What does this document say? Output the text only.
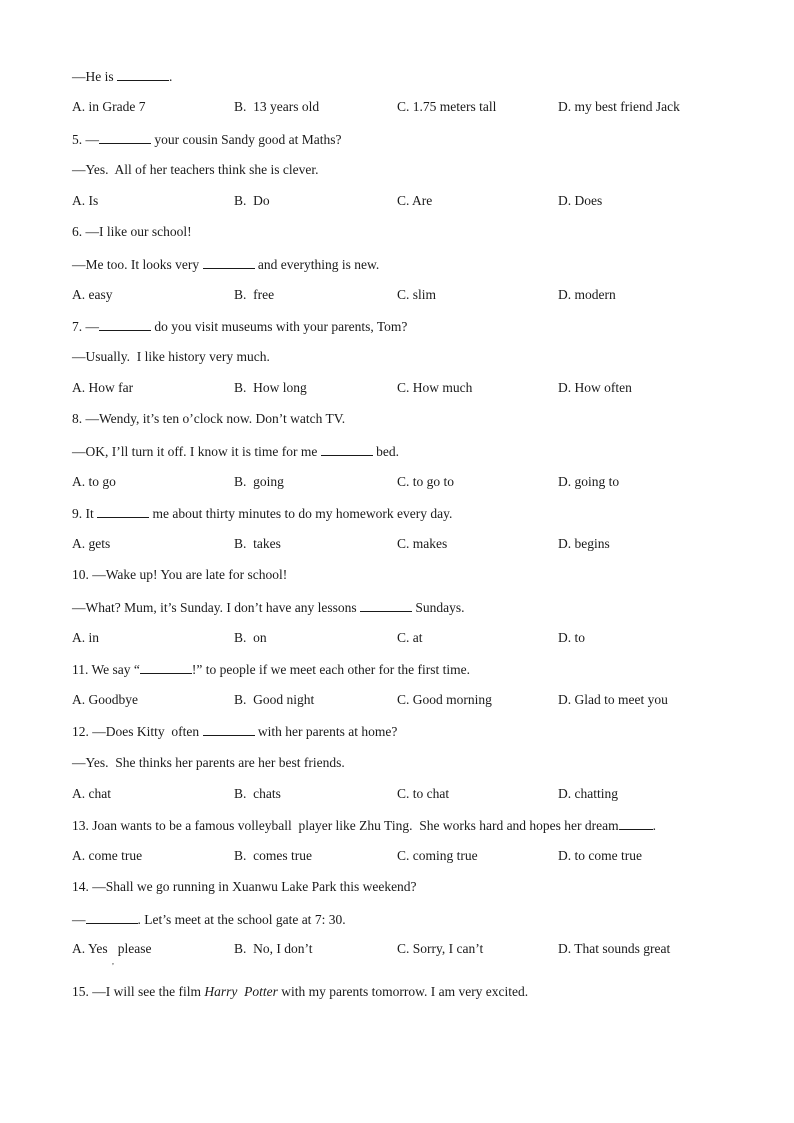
—He is	.
A. in Grade 7	B.  13 years old	C. 1.75 meters tall	D. my best friend Jack
5. —	your cousin Sandy good at Maths?
—Yes.  All of her teachers think she is clever.
A. Is	B.  Do	C. Are	D. Does
6. —I like our school!
—Me too. It looks very	and everything is new.
A. easy	B.  free	C. slim	D. modern
7. —	do you visit museums with your parents, Tom?
—Usually.  I like history very much.
A. How far	B.  How long	C. How much	D. How often
8. —Wendy, it’s ten o’clock now. Don’t watch TV.
—OK, I’ll turn it off. I know it is time for me	bed.
A. to go	B.  going	C. to go to	D. going to
9. It	me about thirty minutes to do my homework every day.
A. gets	B.  takes	C. makes	D. begins
10. —Wake up! You are late for school!
—What? Mum, it’s Sunday. I don’t have any lessons	Sundays.
A. in	B.  on	C. at	D. to
11. We say “	!” to people if we meet each other for the first time.
A. Goodbye	B.  Good night	C. Good morning	D. Glad to meet you
12. —Does Kitty  often	with her parents at home?
—Yes.  She thinks her parents are her best friends.
A. chat	B.  chats	C. to chat	D. chatting
13. Joan wants to be a famous volleyball  player like Zhu Ting.  She works hard and hopes her dream	.
A. come true	B.  comes true	C. coming true	D. to come true
14. —Shall we go running in Xuanwu Lake Park this weekend?
—	. Let’s meet at the school gate at 7: 30.
A. Yes   please	B.  No, I don’t	C. Sorry, I can’t	D. That sounds great
,
15. —I will see the film Harry  Potter with my parents tomorrow. I am very excited.
